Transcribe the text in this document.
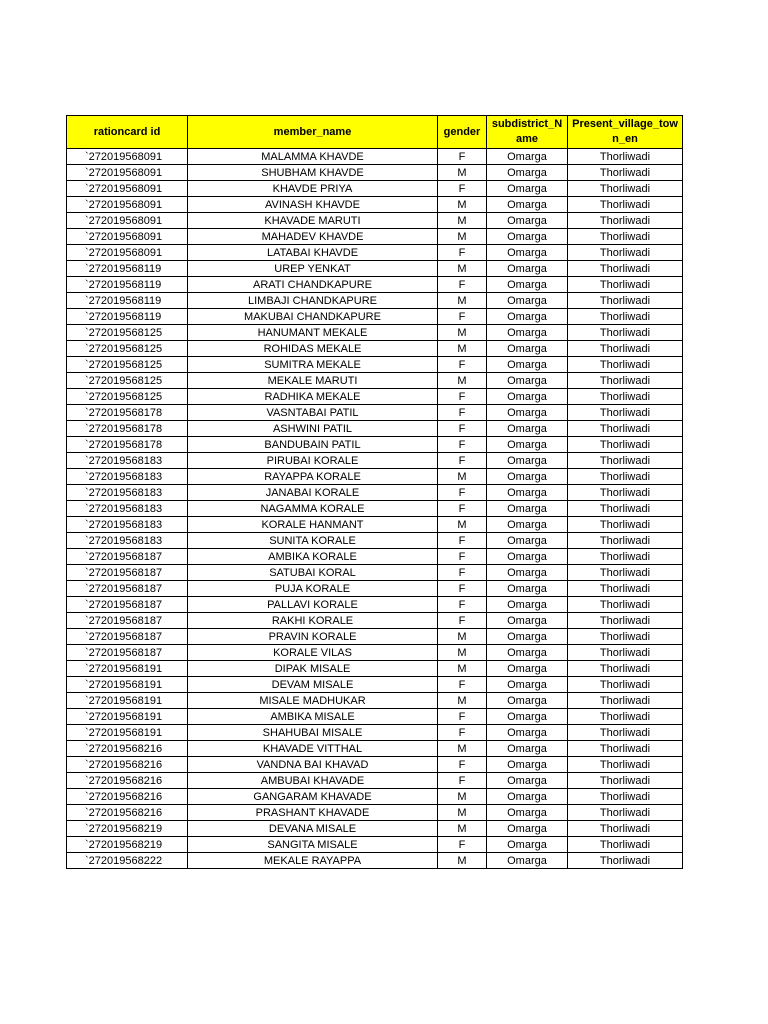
rationcard id	member_name	gender	subdistrict_Name	Present_village_town_en
`272019568091	MALAMMA KHAVDE	F	Omarga	Thorliwadi
`272019568091	SHUBHAM KHAVDE	M	Omarga	Thorliwadi
`272019568091	KHAVDE PRIYA	F	Omarga	Thorliwadi
`272019568091	AVINASH KHAVDE	M	Omarga	Thorliwadi
`272019568091	KHAVADE MARUTI	M	Omarga	Thorliwadi
`272019568091	MAHADEV KHAVDE	M	Omarga	Thorliwadi
`272019568091	LATABAI KHAVDE	F	Omarga	Thorliwadi
`272019568119	UREP YENKAT	M	Omarga	Thorliwadi
`272019568119	ARATI CHANDKAPURE	F	Omarga	Thorliwadi
`272019568119	LIMBAJI CHANDKAPURE	M	Omarga	Thorliwadi
`272019568119	MAKUBAI CHANDKAPURE	F	Omarga	Thorliwadi
`272019568125	HANUMANT MEKALE	M	Omarga	Thorliwadi
`272019568125	ROHIDAS MEKALE	M	Omarga	Thorliwadi
`272019568125	SUMITRA MEKALE	F	Omarga	Thorliwadi
`272019568125	MEKALE MARUTI	M	Omarga	Thorliwadi
`272019568125	RADHIKA MEKALE	F	Omarga	Thorliwadi
`272019568178	VASNTABAI PATIL	F	Omarga	Thorliwadi
`272019568178	ASHWINI PATIL	F	Omarga	Thorliwadi
`272019568178	BANDUBAIN PATIL	F	Omarga	Thorliwadi
`272019568183	PIRUBAI KORALE	F	Omarga	Thorliwadi
`272019568183	RAYAPPA KORALE	M	Omarga	Thorliwadi
`272019568183	JANABAI KORALE	F	Omarga	Thorliwadi
`272019568183	NAGAMMA KORALE	F	Omarga	Thorliwadi
`272019568183	KORALE HANMANT	M	Omarga	Thorliwadi
`272019568183	SUNITA KORALE	F	Omarga	Thorliwadi
`272019568187	AMBIKA KORALE	F	Omarga	Thorliwadi
`272019568187	SATUBAI KORAL	F	Omarga	Thorliwadi
`272019568187	PUJA KORALE	F	Omarga	Thorliwadi
`272019568187	PALLAVI KORALE	F	Omarga	Thorliwadi
`272019568187	RAKHI KORALE	F	Omarga	Thorliwadi
`272019568187	PRAVIN KORALE	M	Omarga	Thorliwadi
`272019568187	KORALE VILAS	M	Omarga	Thorliwadi
`272019568191	DIPAK MISALE	M	Omarga	Thorliwadi
`272019568191	DEVAM MISALE	F	Omarga	Thorliwadi
`272019568191	MISALE MADHUKAR	M	Omarga	Thorliwadi
`272019568191	AMBIKA MISALE	F	Omarga	Thorliwadi
`272019568191	SHAHUBAI MISALE	F	Omarga	Thorliwadi
`272019568216	KHAVADE VITTHAL	M	Omarga	Thorliwadi
`272019568216	VANDNA BAI KHAVAD	F	Omarga	Thorliwadi
`272019568216	AMBUBAI KHAVADE	F	Omarga	Thorliwadi
`272019568216	GANGARAM KHAVADE	M	Omarga	Thorliwadi
`272019568216	PRASHANT KHAVADE	M	Omarga	Thorliwadi
`272019568219	DEVANA MISALE	M	Omarga	Thorliwadi
`272019568219	SANGITA MISALE	F	Omarga	Thorliwadi
`272019568222	MEKALE RAYAPPA	M	Omarga	Thorliwadi
